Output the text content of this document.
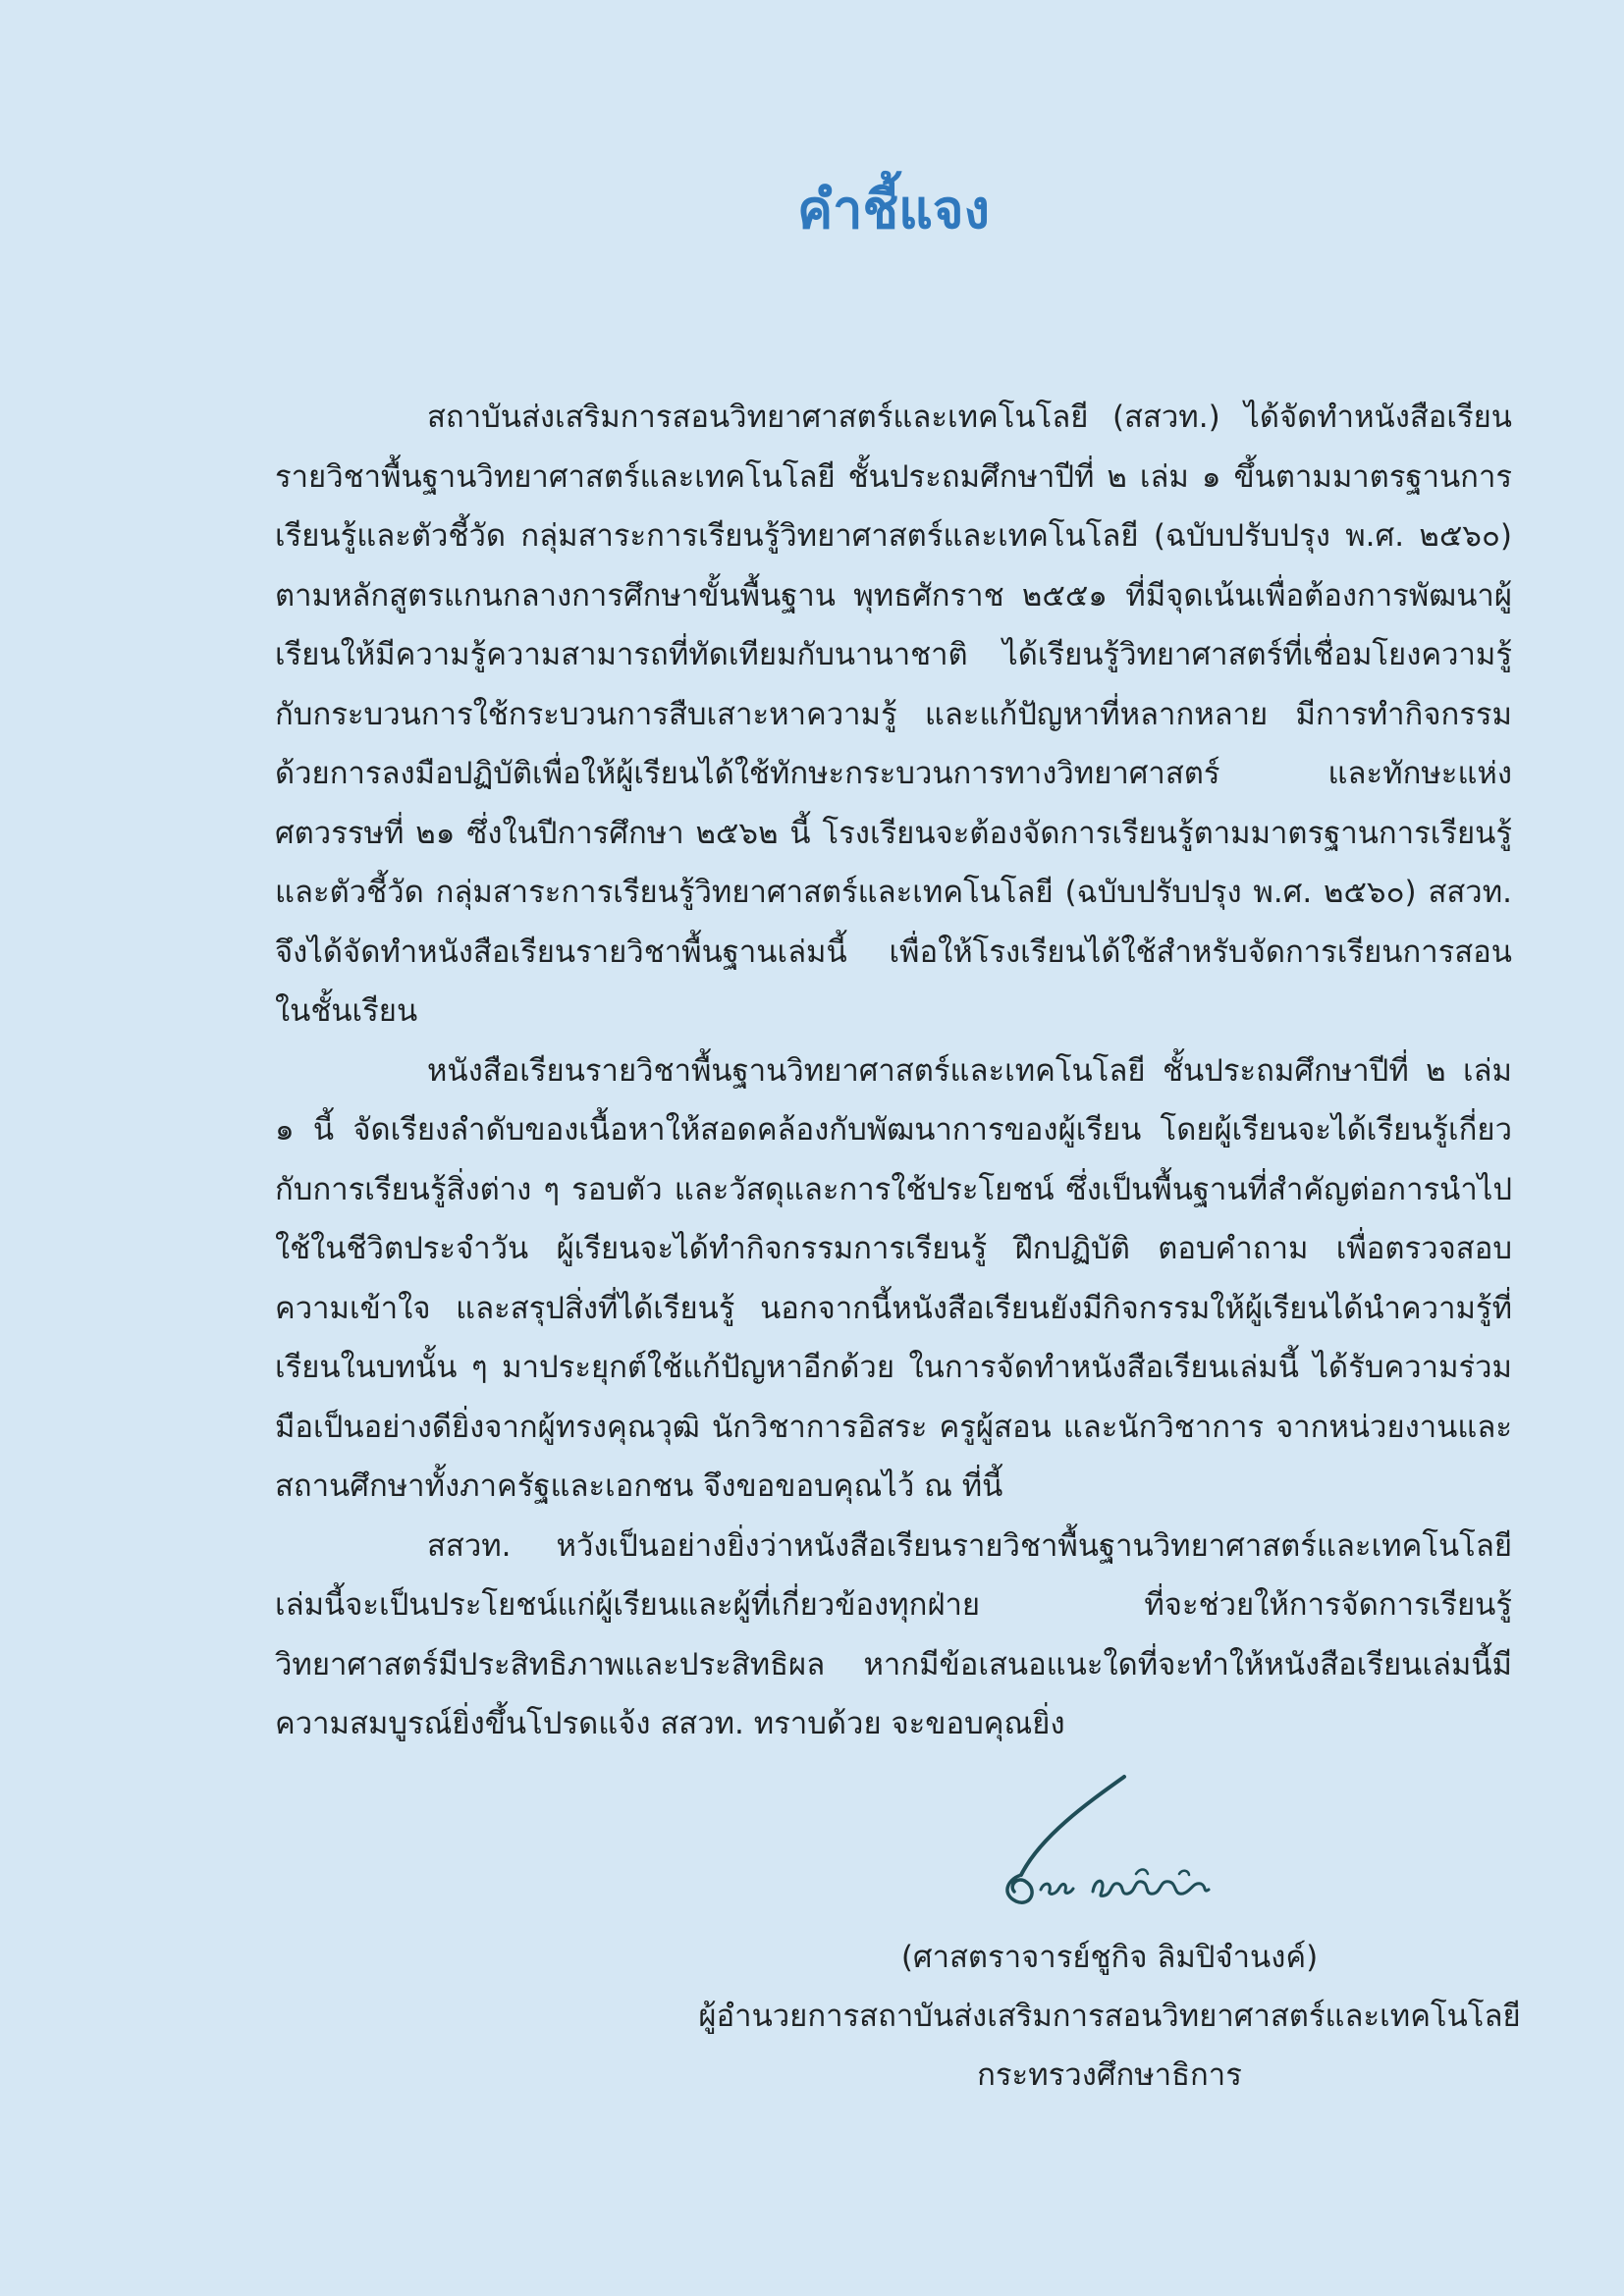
คำชี้แจง

สถาบันส่งเสริมการสอนวิทยาศาสตร์และเทคโนโลยี (สสวท.) ได้จัดทำหนังสือเรียนรายวิชาพื้นฐานวิทยาศาสตร์และเทคโนโลยี ชั้นประถมศึกษาปีที่ ๒ เล่ม ๑ ขึ้นตามมาตรฐานการเรียนรู้และตัวชี้วัด กลุ่มสาระการเรียนรู้วิทยาศาสตร์และเทคโนโลยี (ฉบับปรับปรุง พ.ศ. ๒๕๖๐) ตามหลักสูตรแกนกลางการศึกษาขั้นพื้นฐาน พุทธศักราช ๒๕๕๑ ที่มีจุดเน้นเพื่อต้องการพัฒนาผู้เรียนให้มีความรู้ความสามารถที่ทัดเทียมกับนานาชาติ ได้เรียนรู้วิทยาศาสตร์ที่เชื่อมโยงความรู้กับกระบวนการใช้กระบวนการสืบเสาะหาความรู้ และแก้ปัญหาที่หลากหลาย มีการทำกิจกรรมด้วยการลงมือปฏิบัติเพื่อให้ผู้เรียนได้ใช้ทักษะกระบวนการทางวิทยาศาสตร์ และทักษะแห่งศตวรรษที่ ๒๑ ซึ่งในปีการศึกษา ๒๕๖๒ นี้ โรงเรียนจะต้องจัดการเรียนรู้ตามมาตรฐานการเรียนรู้และตัวชี้วัด กลุ่มสาระการเรียนรู้วิทยาศาสตร์และเทคโนโลยี (ฉบับปรับปรุง พ.ศ. ๒๕๖๐) สสวท. จึงได้จัดทำหนังสือเรียนรายวิชาพื้นฐานเล่มนี้ เพื่อให้โรงเรียนได้ใช้สำหรับจัดการเรียนการสอนในชั้นเรียน

หนังสือเรียนรายวิชาพื้นฐานวิทยาศาสตร์และเทคโนโลยี ชั้นประถมศึกษาปีที่ ๒ เล่ม ๑ นี้ จัดเรียงลำดับของเนื้อหาให้สอดคล้องกับพัฒนาการของผู้เรียน โดยผู้เรียนจะได้เรียนรู้เกี่ยวกับการเรียนรู้สิ่งต่าง ๆ รอบตัว และวัสดุและการใช้ประโยชน์ ซึ่งเป็นพื้นฐานที่สำคัญต่อการนำไปใช้ในชีวิตประจำวัน ผู้เรียนจะได้ทำกิจกรรมการเรียนรู้ ฝึกปฏิบัติ ตอบคำถาม เพื่อตรวจสอบความเข้าใจ และสรุปสิ่งที่ได้เรียนรู้ นอกจากนี้หนังสือเรียนยังมีกิจกรรมให้ผู้เรียนได้นำความรู้ที่เรียนในบทนั้น ๆ มาประยุกต์ใช้แก้ปัญหาอีกด้วย ในการจัดทำหนังสือเรียนเล่มนี้ ได้รับความร่วมมือเป็นอย่างดียิ่งจากผู้ทรงคุณวุฒิ นักวิชาการอิสระ ครูผู้สอน และนักวิชาการ จากหน่วยงานและสถานศึกษาทั้งภาครัฐและเอกชน จึงขอขอบคุณไว้ ณ ที่นี้

สสวท. หวังเป็นอย่างยิ่งว่าหนังสือเรียนรายวิชาพื้นฐานวิทยาศาสตร์และเทคโนโลยีเล่มนี้จะเป็นประโยชน์แก่ผู้เรียนและผู้ที่เกี่ยวข้องทุกฝ่าย ที่จะช่วยให้การจัดการเรียนรู้วิทยาศาสตร์มีประสิทธิภาพและประสิทธิผล หากมีข้อเสนอแนะใดที่จะทำให้หนังสือเรียนเล่มนี้มีความสมบูรณ์ยิ่งขึ้นโปรดแจ้ง สสวท. ทราบด้วย จะขอบคุณยิ่ง

(ศาสตราจารย์ชูกิจ ลิมปิจำนงค์)

ผู้อำนวยการสถาบันส่งเสริมการสอนวิทยาศาสตร์และเทคโนโลยี

กระทรวงศึกษาธิการ
